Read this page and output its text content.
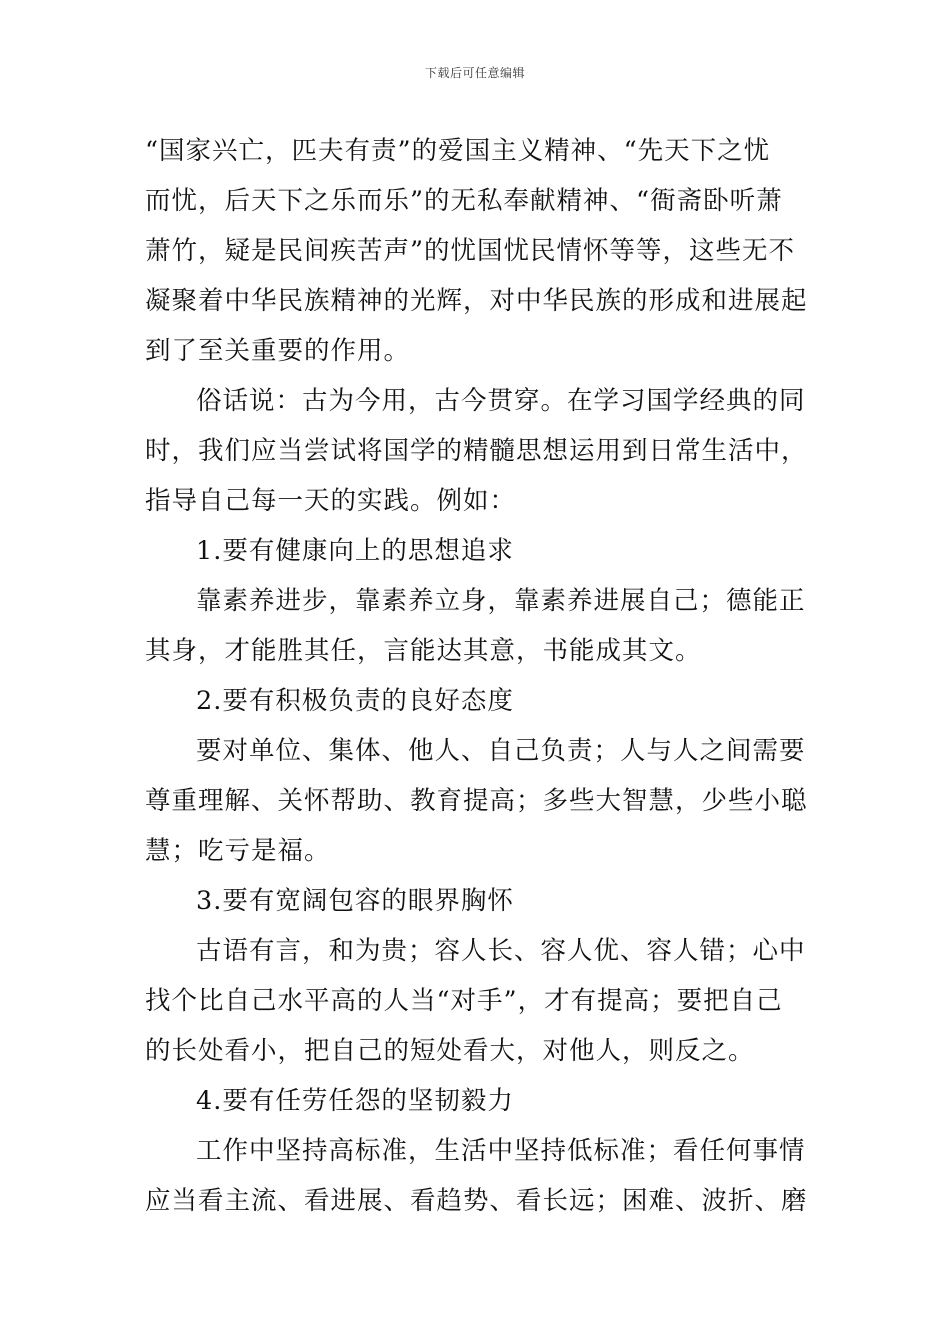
下载后可任意编辑
“国家兴亡，匹夫有责”的爱国主义精神、“先天下之忧
而忧，后天下之乐而乐”的无私奉献精神、“衙斋卧听萧
萧竹，疑是民间疾苦声”的忧国忧民情怀等等，这些无不
凝聚着中华民族精神的光辉，对中华民族的形成和进展起
到了至关重要的作用。
俗话说：古为今用，古今贯穿。在学习国学经典的同
时，我们应当尝试将国学的精髓思想运用到日常生活中，
指导自己每一天的实践。例如：
1.要有健康向上的思想追求
靠素养进步，靠素养立身，靠素养进展自己；德能正
其身，才能胜其任，言能达其意，书能成其文。
2.要有积极负责的良好态度
要对单位、集体、他人、自己负责；人与人之间需要
尊重理解、关怀帮助、教育提高；多些大智慧，少些小聪
慧；吃亏是福。
3.要有宽阔包容的眼界胸怀
古语有言，和为贵；容人长、容人优、容人错；心中
找个比自己水平高的人当“对手”，才有提高；要把自己
的长处看小，把自己的短处看大，对他人，则反之。
4.要有任劳任怨的坚韧毅力
工作中坚持高标准，生活中坚持低标准；看任何事情
应当看主流、看进展、看趋势、看长远；困难、波折、磨
